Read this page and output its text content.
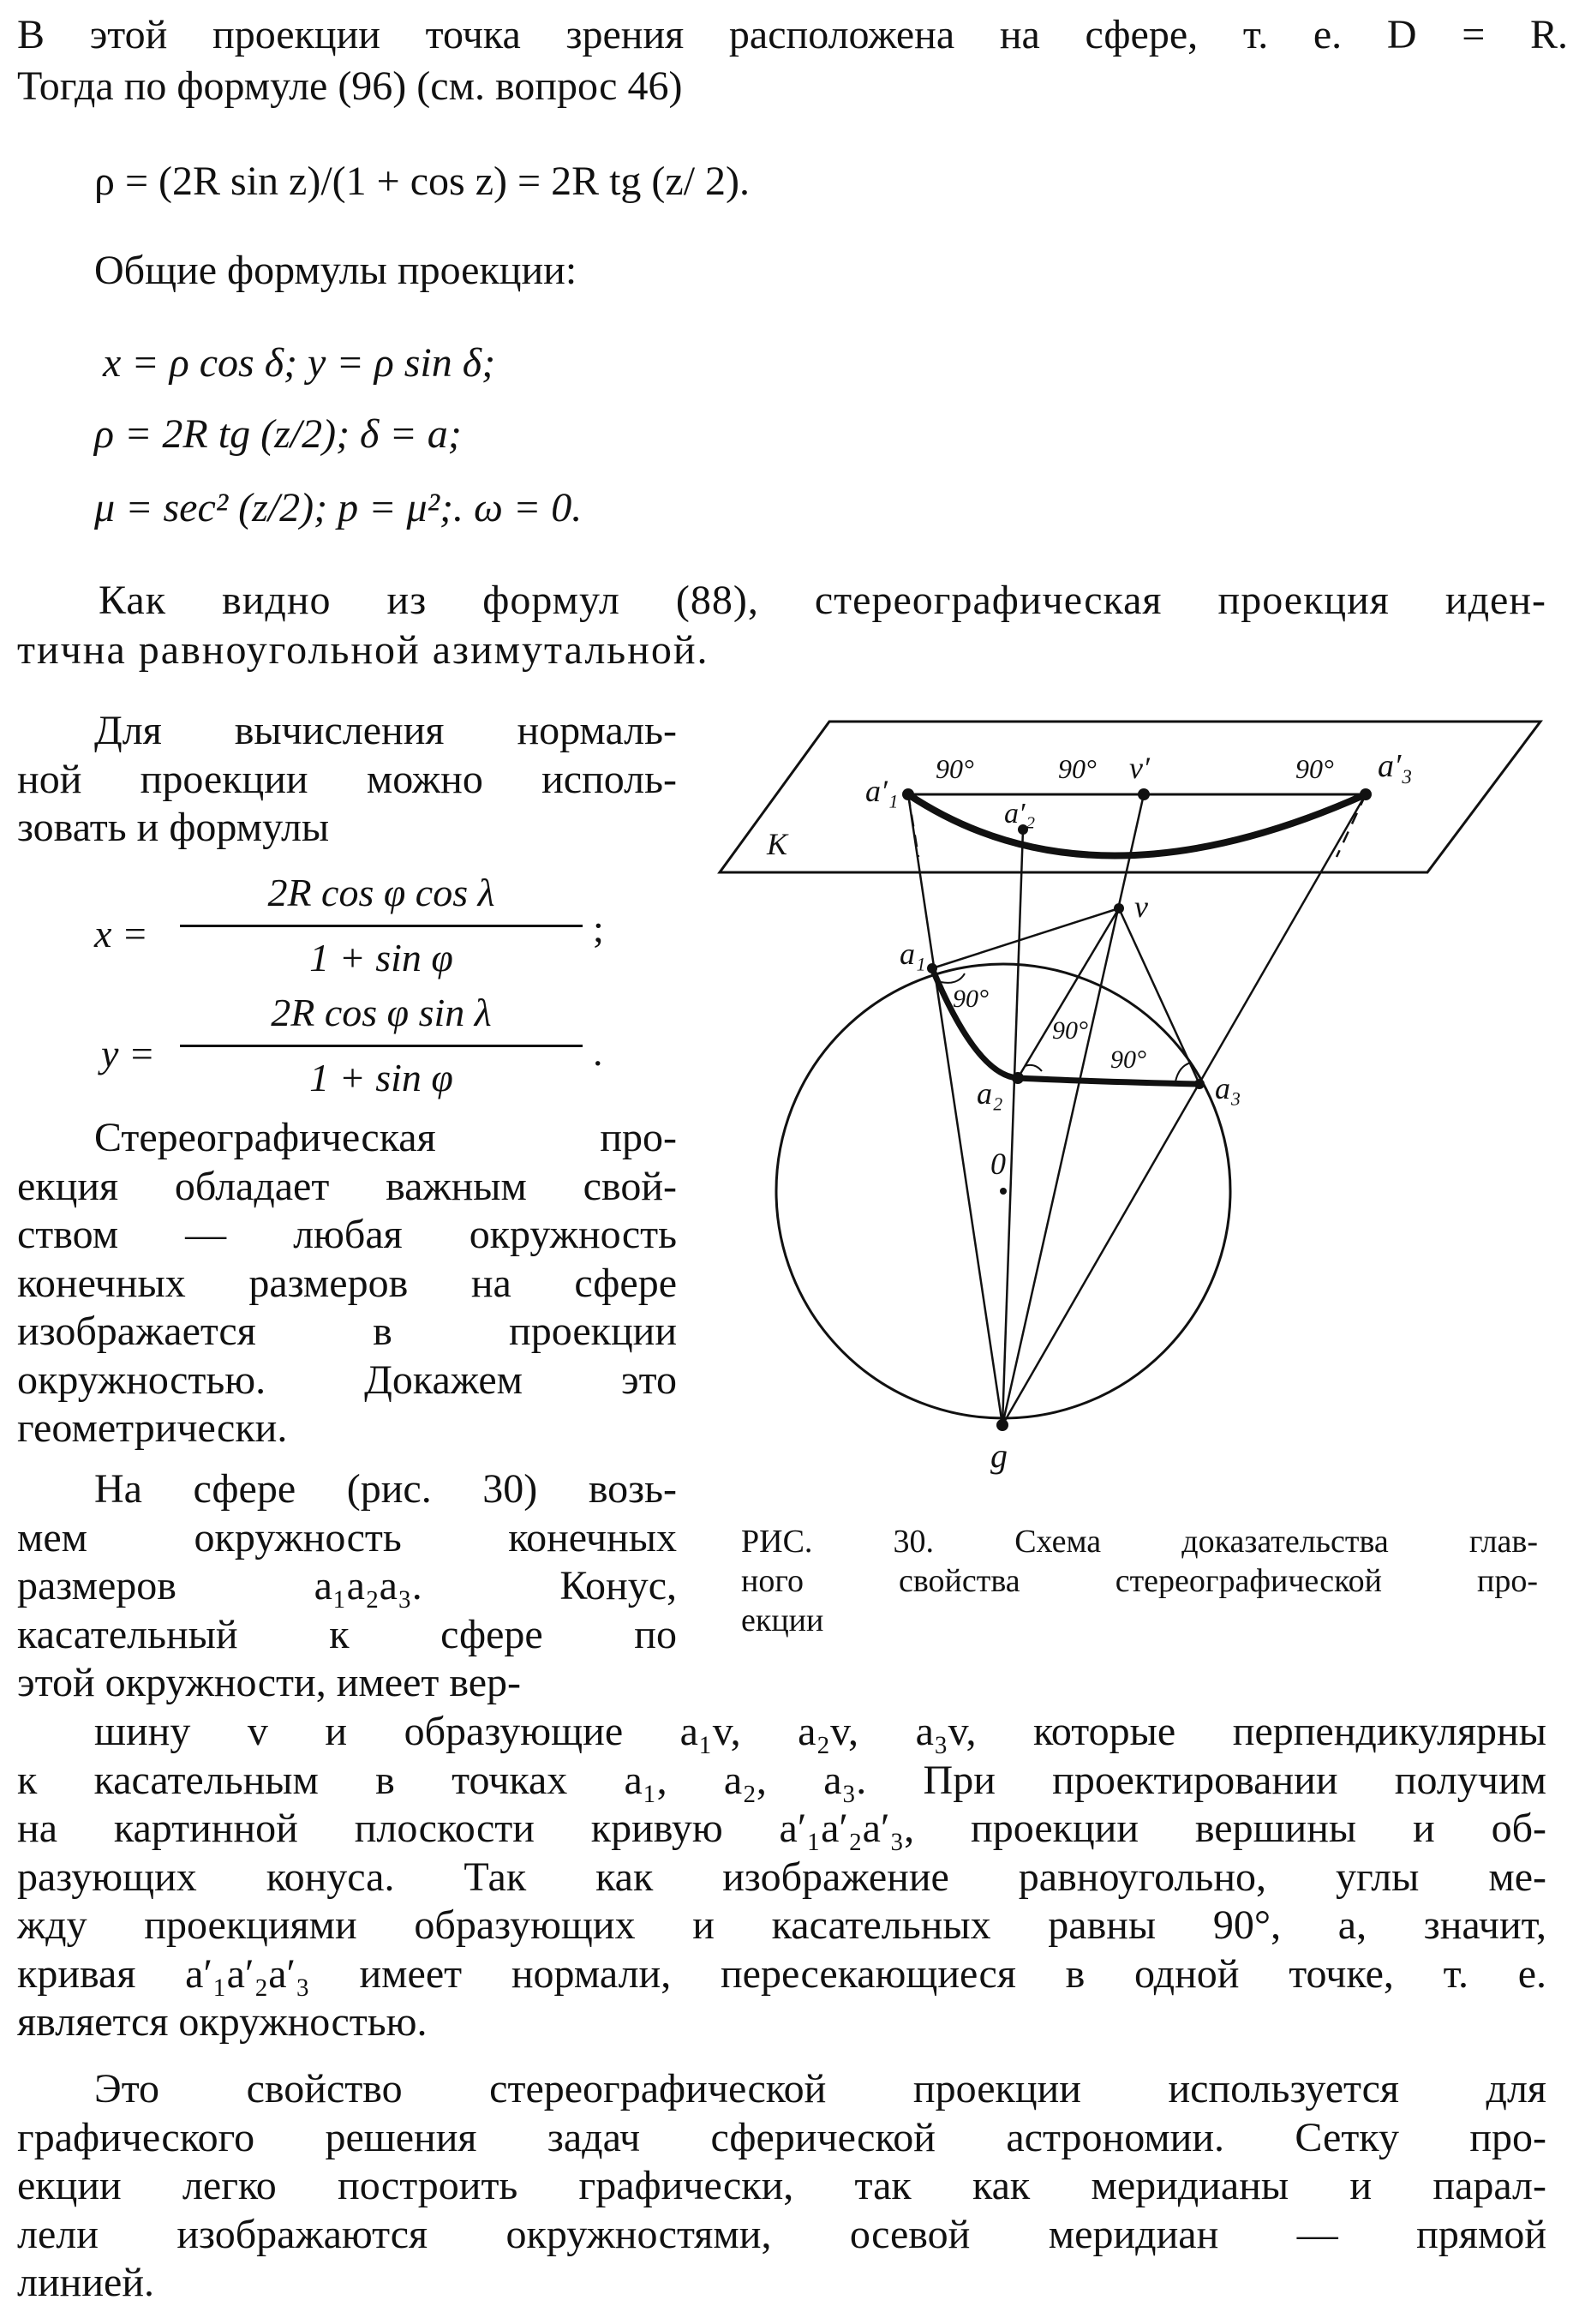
В этой проекции точка зрения расположена на сфере, т. е. D = R.
Тогда по формуле (96) (см. вопрос 46)
ρ = (2R sin z)/(1 + cos z) = 2R tg (z/ 2).
Общие формулы проекции:
x = ρ cos δ; y = ρ sin δ;
ρ = 2R tg (z/2); δ = a;
μ = sec² (z/2); p = μ²;. ω = 0.
Как видно из формул (88), стереографическая проекция иден-
тична равноугольной азимутальной.
Для вычисления нормаль-
ной проекции можно исполь-
зовать и формулы
x =
2R cos φ cos λ
1 + sin φ
;
y =
2R cos φ sin λ
1 + sin φ
.
Стереографическая про-
екция обладает важным свой-
ством — любая окружность
конечных размеров на сфере
изображается в проекции
окружностью. Докажем это
геометрически.
На сфере (рис. 30) возь-
мем окружность конечных
размеров a₁a₂a₃. Конус,
касательный к сфере по
этой окружности, имеет вер-
шину v и образующие a₁v, a₂v, a₃v, которые перпендикулярны
к касательным в точках a₁, a₂, a₃. При проектировании получим
на картинной плоскости кривую a′₁a′₂a′₃, проекции вершины и об-
разующих конуса. Так как изображение равноугольно, углы ме-
жду проекциями образующих и касательных равны 90°, а, значит,
кривая a′₁a′₂a′₃ имеет нормали, пересекающиеся в одной точке, т. е.
является окружностью.
Это свойство стереографической проекции используется для
графического решения задач сферической астрономии. Сетку про-
екции легко построить графически, так как меридианы и парал-
лели изображаются окружностями, осевой меридиан — прямой
линией.
K
a′₁
a′₂
v′	a′₃
90°	90°	90°
v
a₁
a₂	a₃
90°
90°
90°
0
g
РИС. 30. Схема доказательства глав-
ного свойства стереографической про-
екции
